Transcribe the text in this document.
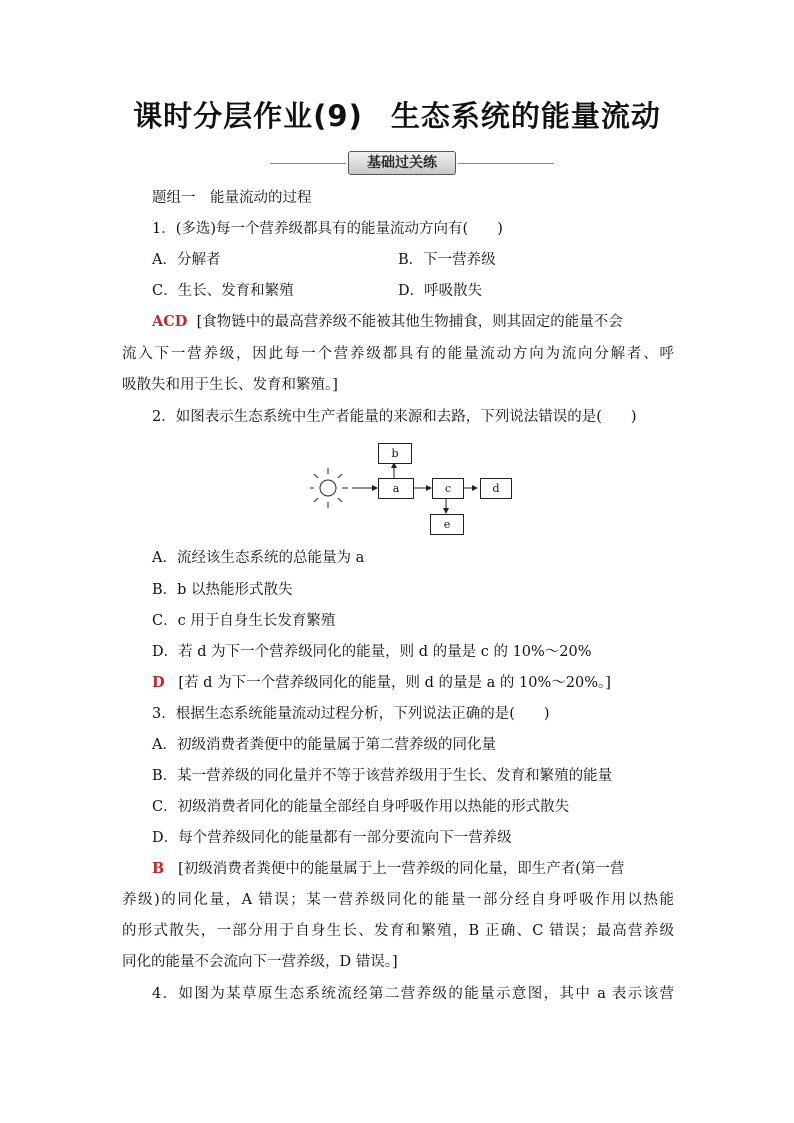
课时分层作业(9) 生态系统的能量流动
基础过关练
题组一　能量流动的过程
1．(多选)每一个营养级都具有的能量流动方向有(　　)
A．分解者	B．下一营养级
C．生长、发育和繁殖	D．呼吸散失
ACD [食物链中的最高营养级不能被其他生物捕食，则其固定的能量不会
流入下一营养级，因此每一个营养级都具有的能量流动方向为流向分解者、呼
吸散失和用于生长、发育和繁殖。]
2．如图表示生态系统中生产者能量的来源和去路，下列说法错误的是(　　)
b
a	c	d
e
A．流经该生态系统的总能量为 a
B．b 以热能形式散失
C．c 用于自身生长发育繁殖
D．若 d 为下一个营养级同化的能量，则 d 的量是 c 的 10%～20%
D [若 d 为下一个营养级同化的能量，则 d 的量是 a 的 10%～20%。]
3．根据生态系统能量流动过程分析，下列说法正确的是(　　)
A．初级消费者粪便中的能量属于第二营养级的同化量
B．某一营养级的同化量并不等于该营养级用于生长、发育和繁殖的能量
C．初级消费者同化的能量全部经自身呼吸作用以热能的形式散失
D．每个营养级同化的能量都有一部分要流向下一营养级
B [初级消费者粪便中的能量属于上一营养级的同化量，即生产者(第一营
养级)的同化量，A 错误；某一营养级同化的能量一部分经自身呼吸作用以热能
的形式散失，一部分用于自身生长、发育和繁殖，B 正确、C 错误；最高营养级
同化的能量不会流向下一营养级，D 错误。]
4．如图为某草原生态系统流经第二营养级的能量示意图，其中 a 表示该营
